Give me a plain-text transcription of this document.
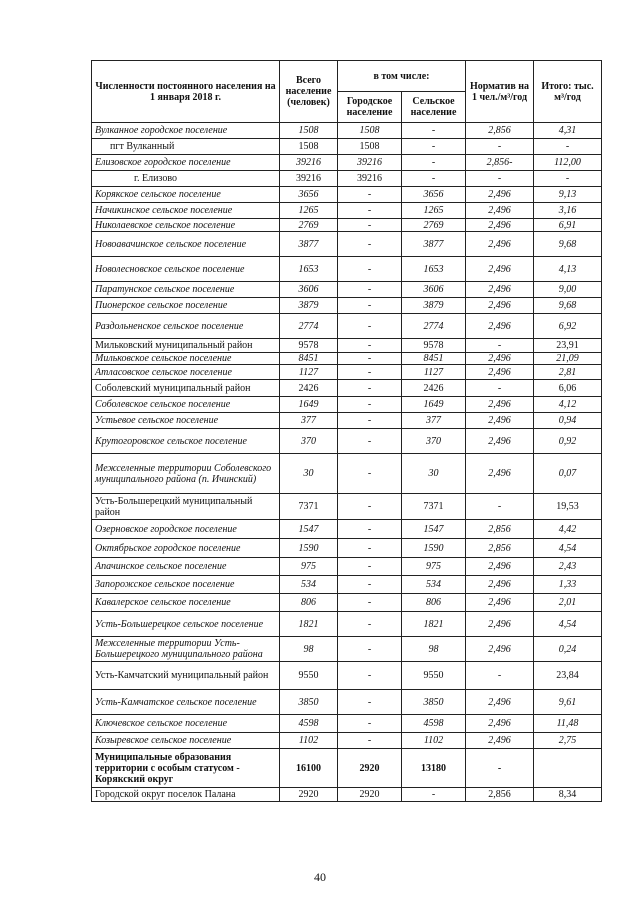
Численности постоянного населения на 1 января 2018 г.	Всего население (человек)	в том числе:		Норматив на 1 чел./м³/год	Итого: тыс. м³/год
		Городское население	Сельское население		
Вулканное городское поселение	1508	1508	-	2,856	4,31
пгт Вулканный	1508	1508	-	-	-
Елизовское городское поселение	39216	39216	-	2,856-	112,00
г. Елизово	39216	39216	-	-	-
Корякское сельское поселение	3656	-	3656	2,496	9,13
Начикинское сельское поселение	1265	-	1265	2,496	3,16
Николаевское сельское поселение	2769	-	2769	2,496	6,91
Новоавачинское сельское поселение	3877	-	3877	2,496	9,68
Новолесновское сельское поселение	1653	-	1653	2,496	4,13
Паратунское сельское поселение	3606	-	3606	2,496	9,00
Пионерское сельское поселение	3879	-	3879	2,496	9,68
Раздольненское сельское поселение	2774	-	2774	2,496	6,92
Мильковский муниципальный район	9578	-	9578	-	23,91
Мильковское сельское поселение	8451	-	8451	2,496	21,09
Атласовское сельское поселение	1127	-	1127	2,496	2,81
Соболевский муниципальный район	2426	-	2426	-	6,06
Соболевское сельское поселение	1649	-	1649	2,496	4,12
Устьевое сельское поселение	377	-	377	2,496	0,94
Крутогоровское сельское поселение	370	-	370	2,496	0,92
Межселенные территории Соболевского муниципального района (п. Ичинский)	30	-	30	2,496	0,07
Усть-Большерецкий муниципальный район	7371	-	7371	-	19,53
Озерновское городское поселение	1547	-	1547	2,856	4,42
Октябрьское городское поселение	1590	-	1590	2,856	4,54
Апачинское сельское поселение	975	-	975	2,496	2,43
Запорожское сельское поселение	534	-	534	2,496	1,33
Кавалерское сельское поселение	806	-	806	2,496	2,01
Усть-Большерецкое сельское поселение	1821	-	1821	2,496	4,54
Межселенные территории Усть-Большерецкого муниципального района	98	-	98	2,496	0,24
Усть-Камчатский муниципальный район	9550	-	9550	-	23,84
Усть-Камчатское сельское поселение	3850	-	3850	2,496	9,61
Ключевское сельское поселение	4598	-	4598	2,496	11,48
Козыревское сельское поселение	1102	-	1102	2,496	2,75
Муниципальные образования территории с особым статусом - Корякский округ	16100	2920	13180	-	
Городской округ поселок Палана	2920	2920	-	2,856	8,34
40
